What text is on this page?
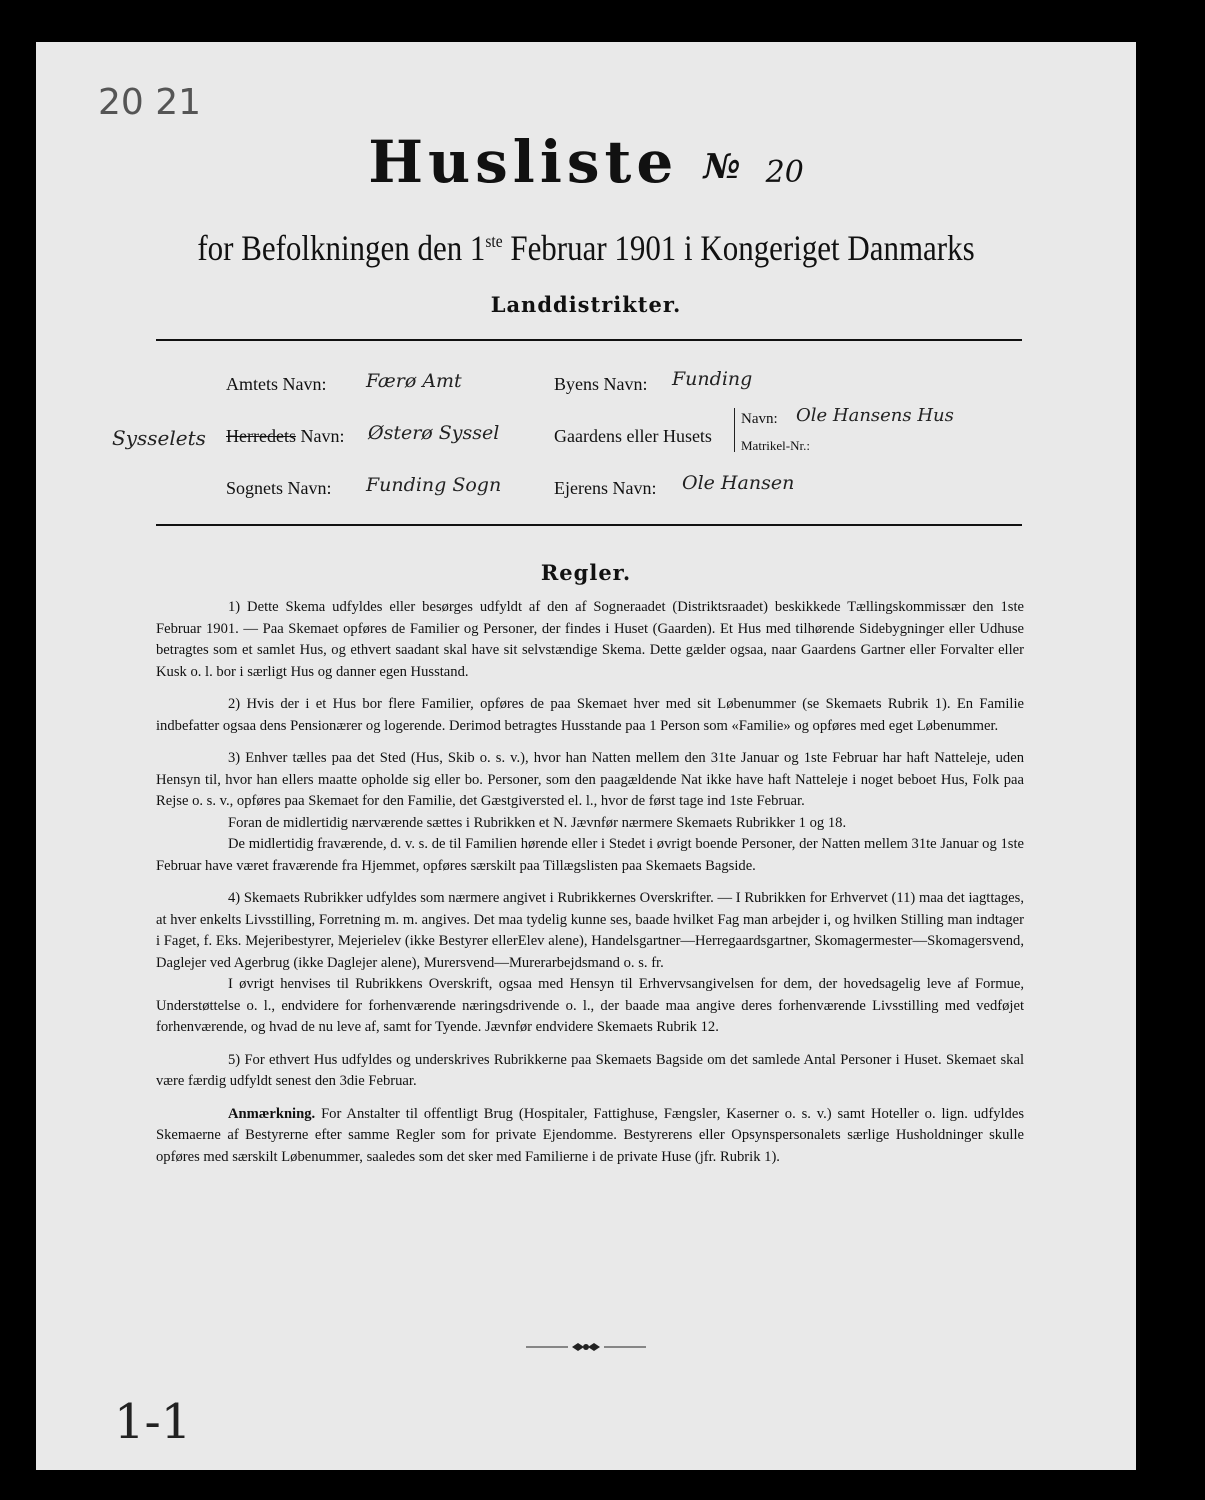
20 21
Husliste № 20
for Befolkningen den 1ste Februar 1901 i Kongeriget Danmarks
Landdistrikter.
Amtets Navn: Færø Amt
Sysselets Herredets Navn: Østerø Syssel
Sognets Navn: Funding Sogn
Byens Navn: Funding
Gaardens eller Husets
Navn: Ole Hansens Hus
Matrikel-Nr.:
Ejerens Navn: Ole Hansen
Regler.

1) Dette Skema udfyldes eller besørges udfyldt af den af Sogneraadet (Distriktsraadet) beskikkede Tællingskommissær den 1ste Februar 1901. — Paa Skemaet opføres de Familier og Personer, der findes i Huset (Gaarden). Et Hus med tilhørende Sidebygninger eller Udhuse betragtes som et samlet Hus, og ethvert saadant skal have sit selvstændige Skema. Dette gælder ogsaa, naar Gaardens Gartner eller Forvalter eller Kusk o. l. bor i særligt Hus og danner egen Husstand.

2) Hvis der i et Hus bor flere Familier, opføres de paa Skemaet hver med sit Løbenummer (se Skemaets Rubrik 1). En Familie indbefatter ogsaa dens Pensionærer og logerende. Derimod betragtes Husstande paa 1 Person som «Familie» og opføres med eget Løbenummer.

3) Enhver tælles paa det Sted (Hus, Skib o. s. v.), hvor han Natten mellem den 31te Januar og 1ste Februar har haft Natteleje, uden Hensyn til, hvor han ellers maatte opholde sig eller bo. Personer, som den paagældende Nat ikke have haft Natteleje i noget beboet Hus, Folk paa Rejse o. s. v., opføres paa Skemaet for den Familie, det Gæstgiversted el. l., hvor de først tage ind 1ste Februar.

Foran de midlertidig nærværende sættes i Rubrikken et N. Jævnfør nærmere Skemaets Rubrikker 1 og 18.

De midlertidig fraværende, d. v. s. de til Familien hørende eller i Stedet i øvrigt boende Personer, der Natten mellem 31te Januar og 1ste Februar have været fraværende fra Hjemmet, opføres særskilt paa Tillægslisten paa Skemaets Bagside.

4) Skemaets Rubrikker udfyldes som nærmere angivet i Rubrikkernes Overskrifter. — I Rubrikken for Erhvervet (11) maa det iagttages, at hver enkelts Livsstilling, Forretning m. m. angives. Det maa tydelig kunne ses, baade hvilket Fag man arbejder i, og hvilken Stilling man indtager i Faget, f. Eks. Mejeribestyrer, Mejerielev (ikke Bestyrer ellerElev alene), Handelsgartner—Herregaardsgartner, Skomagermester—Skomagersvend, Daglejer ved Agerbrug (ikke Daglejer alene), Murersvend—Murerarbejdsmand o. s. fr.

I øvrigt henvises til Rubrikkens Overskrift, ogsaa med Hensyn til Erhvervsangivelsen for dem, der hovedsagelig leve af Formue, Understøttelse o. l., endvidere for forhenværende næringsdrivende o. l., der baade maa angive deres forhenværende Livsstilling med vedføjet forhenværende, og hvad de nu leve af, samt for Tyende. Jævnfør endvidere Skemaets Rubrik 12.

5) For ethvert Hus udfyldes og underskrives Rubrikkerne paa Skemaets Bagside om det samlede Antal Personer i Huset. Skemaet skal være færdig udfyldt senest den 3die Februar.

Anmærkning. For Anstalter til offentligt Brug (Hospitaler, Fattighuse, Fængsler, Kaserner o. s. v.) samt Hoteller o. lign. udfyldes Skemaerne af Bestyrerne efter samme Regler som for private Ejendomme. Bestyrerens eller Opsynspersonalets særlige Husholdninger skulle opføres med særskilt Løbenummer, saaledes som det sker med Familierne i de private Huse (jfr. Rubrik 1).

1-1
